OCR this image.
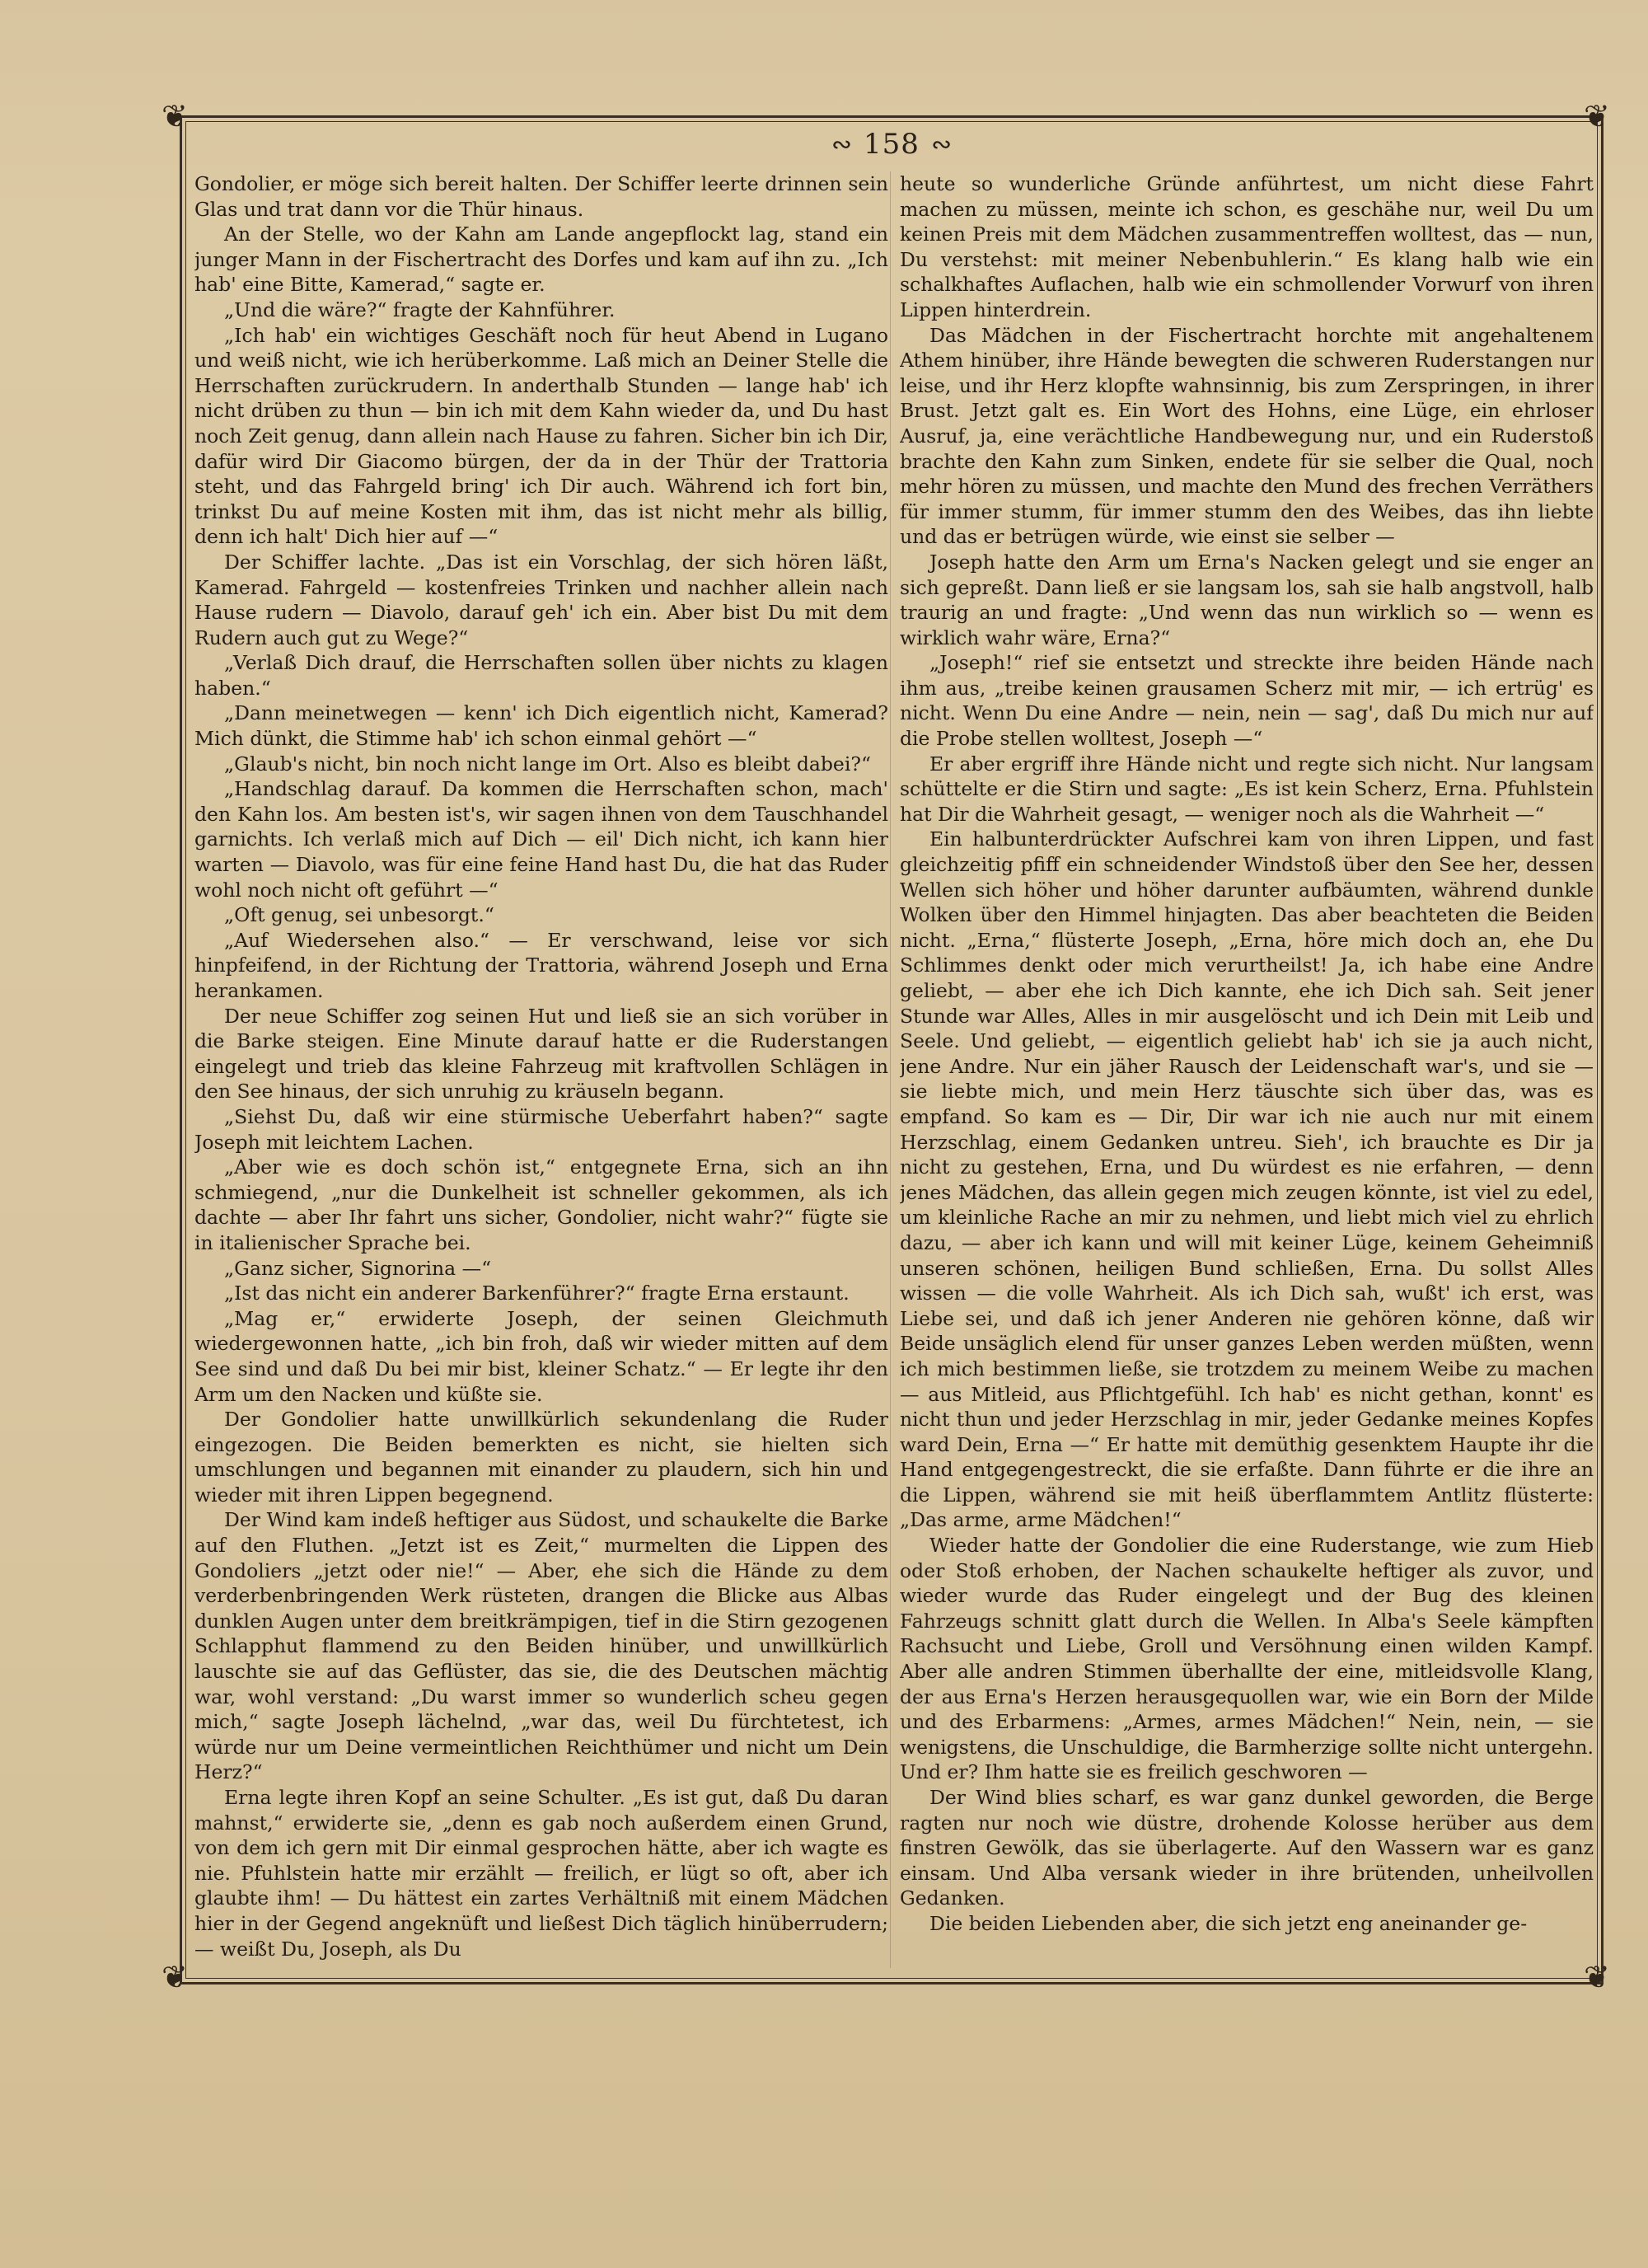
❦	❦
❦	❦
∾ 158 ∾

Gondolier, er möge sich bereit halten. Der Schiffer leerte drinnen sein Glas und trat dann vor die Thür hinaus.

An der Stelle, wo der Kahn am Lande angepflockt lag, stand ein junger Mann in der Fischertracht des Dorfes und kam auf ihn zu. „Ich hab' eine Bitte, Kamerad,“ sagte er.

„Und die wäre?“ fragte der Kahnführer.

„Ich hab' ein wichtiges Geschäft noch für heut Abend in Lugano und weiß nicht, wie ich herüberkomme. Laß mich an Deiner Stelle die Herrschaften zurückrudern. In anderthalb Stunden — lange hab' ich nicht drüben zu thun — bin ich mit dem Kahn wieder da, und Du hast noch Zeit genug, dann allein nach Hause zu fahren. Sicher bin ich Dir, dafür wird Dir Giacomo bürgen, der da in der Thür der Trattoria steht, und das Fahrgeld bring' ich Dir auch. Während ich fort bin, trinkst Du auf meine Kosten mit ihm, das ist nicht mehr als billig, denn ich halt' Dich hier auf —“

Der Schiffer lachte. „Das ist ein Vorschlag, der sich hören läßt, Kamerad. Fahrgeld — kostenfreies Trinken und nachher allein nach Hause rudern — Diavolo, darauf geh' ich ein. Aber bist Du mit dem Rudern auch gut zu Wege?“

„Verlaß Dich drauf, die Herrschaften sollen über nichts zu klagen haben.“

„Dann meinetwegen — kenn' ich Dich eigentlich nicht, Kamerad? Mich dünkt, die Stimme hab' ich schon einmal gehört —“

„Glaub's nicht, bin noch nicht lange im Ort. Also es bleibt dabei?“

„Handschlag darauf. Da kommen die Herrschaften schon, mach' den Kahn los. Am besten ist's, wir sagen ihnen von dem Tauschhandel garnichts. Ich verlaß mich auf Dich — eil' Dich nicht, ich kann hier warten — Diavolo, was für eine feine Hand hast Du, die hat das Ruder wohl noch nicht oft geführt —“

„Oft genug, sei unbesorgt.“

„Auf Wiedersehen also.“ — Er verschwand, leise vor sich hinpfeifend, in der Richtung der Trattoria, während Joseph und Erna herankamen.

Der neue Schiffer zog seinen Hut und ließ sie an sich vorüber in die Barke steigen. Eine Minute darauf hatte er die Ruderstangen eingelegt und trieb das kleine Fahrzeug mit kraftvollen Schlägen in den See hinaus, der sich unruhig zu kräuseln begann.

„Siehst Du, daß wir eine stürmische Ueberfahrt haben?“ sagte Joseph mit leichtem Lachen.

„Aber wie es doch schön ist,“ entgegnete Erna, sich an ihn schmiegend, „nur die Dunkelheit ist schneller gekommen, als ich dachte — aber Ihr fahrt uns sicher, Gondolier, nicht wahr?“ fügte sie in italienischer Sprache bei.

„Ganz sicher, Signorina —“

„Ist das nicht ein anderer Barkenführer?“ fragte Erna erstaunt.

„Mag er,“ erwiderte Joseph, der seinen Gleichmuth wiedergewonnen hatte, „ich bin froh, daß wir wieder mitten auf dem See sind und daß Du bei mir bist, kleiner Schatz.“ — Er legte ihr den Arm um den Nacken und küßte sie.

Der Gondolier hatte unwillkürlich sekundenlang die Ruder eingezogen. Die Beiden bemerkten es nicht, sie hielten sich umschlungen und begannen mit einander zu plaudern, sich hin und wieder mit ihren Lippen begegnend.

Der Wind kam indeß heftiger aus Südost, und schaukelte die Barke auf den Fluthen. „Jetzt ist es Zeit,“ murmelten die Lippen des Gondoliers „jetzt oder nie!“ — Aber, ehe sich die Hände zu dem verderbenbringenden Werk rüsteten, drangen die Blicke aus Albas dunklen Augen unter dem breitkrämpigen, tief in die Stirn gezogenen Schlapphut flammend zu den Beiden hinüber, und unwillkürlich lauschte sie auf das Geflüster, das sie, die des Deutschen mächtig war, wohl verstand: „Du warst immer so wunderlich scheu gegen mich,“ sagte Joseph lächelnd, „war das, weil Du fürchtetest, ich würde nur um Deine vermeintlichen Reichthümer und nicht um Dein Herz?“

Erna legte ihren Kopf an seine Schulter. „Es ist gut, daß Du daran mahnst,“ erwiderte sie, „denn es gab noch außerdem einen Grund, von dem ich gern mit Dir einmal gesprochen hätte, aber ich wagte es nie. Pfuhlstein hatte mir erzählt — freilich, er lügt so oft, aber ich glaubte ihm! — Du hättest ein zartes Verhältniß mit einem Mädchen hier in der Gegend angeknüft und ließest Dich täglich hinüberrudern; — weißt Du, Joseph, als Du

heute so wunderliche Gründe anführtest, um nicht diese Fahrt machen zu müssen, meinte ich schon, es geschähe nur, weil Du um keinen Preis mit dem Mädchen zusammentreffen wolltest, das — nun, Du verstehst: mit meiner Nebenbuhlerin.“ Es klang halb wie ein schalkhaftes Auflachen, halb wie ein schmollender Vorwurf von ihren Lippen hinterdrein.

Das Mädchen in der Fischertracht horchte mit angehaltenem Athem hinüber, ihre Hände bewegten die schweren Ruderstangen nur leise, und ihr Herz klopfte wahnsinnig, bis zum Zerspringen, in ihrer Brust. Jetzt galt es. Ein Wort des Hohns, eine Lüge, ein ehrloser Ausruf, ja, eine verächtliche Handbewegung nur, und ein Ruderstoß brachte den Kahn zum Sinken, endete für sie selber die Qual, noch mehr hören zu müssen, und machte den Mund des frechen Verräthers für immer stumm, für immer stumm den des Weibes, das ihn liebte und das er betrügen würde, wie einst sie selber —

Joseph hatte den Arm um Erna's Nacken gelegt und sie enger an sich gepreßt. Dann ließ er sie langsam los, sah sie halb angstvoll, halb traurig an und fragte: „Und wenn das nun wirklich so — wenn es wirklich wahr wäre, Erna?“

„Joseph!“ rief sie entsetzt und streckte ihre beiden Hände nach ihm aus, „treibe keinen grausamen Scherz mit mir, — ich ertrüg' es nicht. Wenn Du eine Andre — nein, nein — sag', daß Du mich nur auf die Probe stellen wolltest, Joseph —“

Er aber ergriff ihre Hände nicht und regte sich nicht. Nur langsam schüttelte er die Stirn und sagte: „Es ist kein Scherz, Erna. Pfuhlstein hat Dir die Wahrheit gesagt, — weniger noch als die Wahrheit —“

Ein halbunterdrückter Aufschrei kam von ihren Lippen, und fast gleichzeitig pfiff ein schneidender Windstoß über den See her, dessen Wellen sich höher und höher darunter aufbäumten, während dunkle Wolken über den Himmel hinjagten. Das aber beachteten die Beiden nicht. „Erna,“ flüsterte Joseph, „Erna, höre mich doch an, ehe Du Schlimmes denkt oder mich verurtheilst! Ja, ich habe eine Andre geliebt, — aber ehe ich Dich kannte, ehe ich Dich sah. Seit jener Stunde war Alles, Alles in mir ausgelöscht und ich Dein mit Leib und Seele. Und geliebt, — eigentlich geliebt hab' ich sie ja auch nicht, jene Andre. Nur ein jäher Rausch der Leidenschaft war's, und sie — sie liebte mich, und mein Herz täuschte sich über das, was es empfand. So kam es — Dir, Dir war ich nie auch nur mit einem Herzschlag, einem Gedanken untreu. Sieh', ich brauchte es Dir ja nicht zu gestehen, Erna, und Du würdest es nie erfahren, — denn jenes Mädchen, das allein gegen mich zeugen könnte, ist viel zu edel, um kleinliche Rache an mir zu nehmen, und liebt mich viel zu ehrlich dazu, — aber ich kann und will mit keiner Lüge, keinem Geheimniß unseren schönen, heiligen Bund schließen, Erna. Du sollst Alles wissen — die volle Wahrheit. Als ich Dich sah, wußt' ich erst, was Liebe sei, und daß ich jener Anderen nie gehören könne, daß wir Beide unsäglich elend für unser ganzes Leben werden müßten, wenn ich mich bestimmen ließe, sie trotzdem zu meinem Weibe zu machen — aus Mitleid, aus Pflichtgefühl. Ich hab' es nicht gethan, konnt' es nicht thun und jeder Herzschlag in mir, jeder Gedanke meines Kopfes ward Dein, Erna —“ Er hatte mit demüthig gesenktem Haupte ihr die Hand entgegengestreckt, die sie erfaßte. Dann führte er die ihre an die Lippen, während sie mit heiß überflammtem Antlitz flüsterte: „Das arme, arme Mädchen!“

Wieder hatte der Gondolier die eine Ruderstange, wie zum Hieb oder Stoß erhoben, der Nachen schaukelte heftiger als zuvor, und wieder wurde das Ruder eingelegt und der Bug des kleinen Fahrzeugs schnitt glatt durch die Wellen. In Alba's Seele kämpften Rachsucht und Liebe, Groll und Versöhnung einen wilden Kampf. Aber alle andren Stimmen überhallte der eine, mitleidsvolle Klang, der aus Erna's Herzen herausgequollen war, wie ein Born der Milde und des Erbarmens: „Armes, armes Mädchen!“ Nein, nein, — sie wenigstens, die Unschuldige, die Barmherzige sollte nicht untergehn. Und er? Ihm hatte sie es freilich geschworen —

Der Wind blies scharf, es war ganz dunkel geworden, die Berge ragten nur noch wie düstre, drohende Kolosse herüber aus dem finstren Gewölk, das sie überlagerte. Auf den Wassern war es ganz einsam. Und Alba versank wieder in ihre brütenden, unheilvollen Gedanken.

Die beiden Liebenden aber, die sich jetzt eng aneinander ge-
